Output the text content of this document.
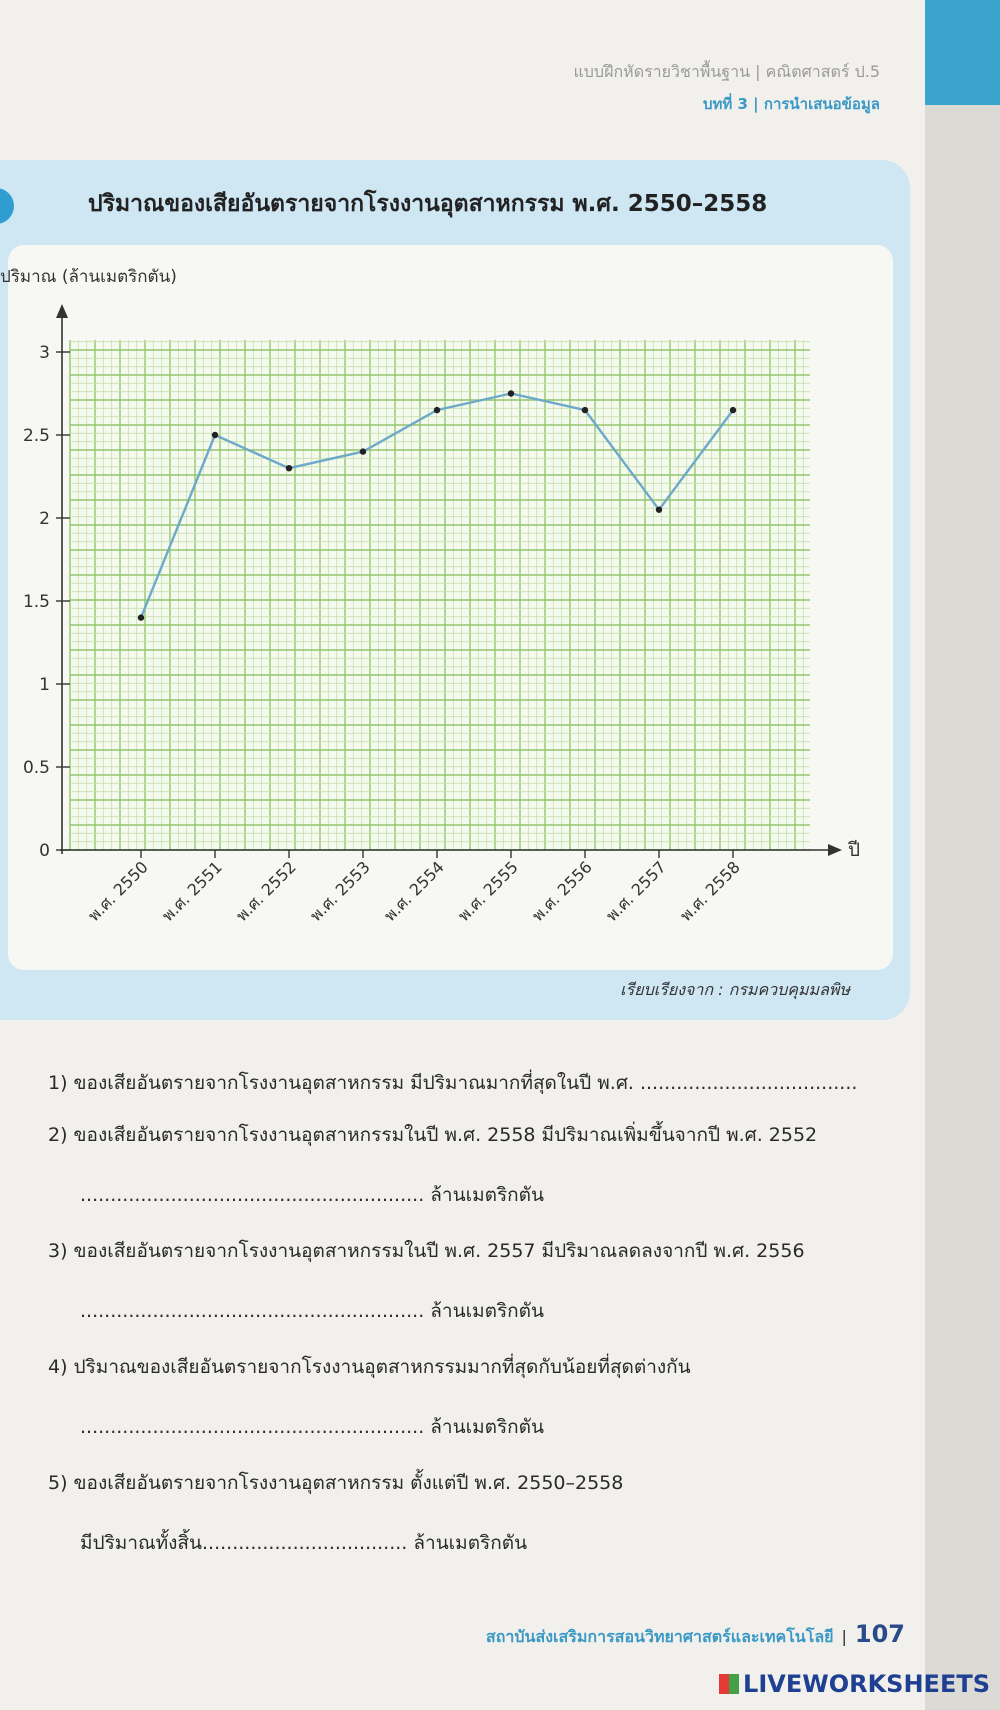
แบบฝึกหัดรายวิชาพื้นฐาน | คณิตศาสตร์ ป.5
บทที่ 3 | การนำเสนอข้อมูล
ปริมาณของเสียอันตรายจากโรงงานอุตสาหกรรม พ.ศ. 2550–2558
0
0.5
1
1.5
2
2.5
3
ปริมาณ (ล้านเมตริกตัน)
ปี
พ.ศ. 2550 พ.ศ. 2551 พ.ศ. 2552 พ.ศ. 2553 พ.ศ. 2554 พ.ศ. 2555 พ.ศ. 2556 พ.ศ. 2557 พ.ศ. 2558
เรียบเรียงจาก : กรมควบคุมมลพิษ
1) ของเสียอันตรายจากโรงงานอุตสาหกรรม มีปริมาณมากที่สุดในปี พ.ศ. ....................................
2) ของเสียอันตรายจากโรงงานอุตสาหกรรมในปี พ.ศ. 2558 มีปริมาณเพิ่มขึ้นจากปี พ.ศ. 2552
......................................................... ล้านเมตริกตัน
3) ของเสียอันตรายจากโรงงานอุตสาหกรรมในปี พ.ศ. 2557 มีปริมาณลดลงจากปี พ.ศ. 2556
......................................................... ล้านเมตริกตัน
4) ปริมาณของเสียอันตรายจากโรงงานอุตสาหกรรมมากที่สุดกับน้อยที่สุดต่างกัน
......................................................... ล้านเมตริกตัน
5) ของเสียอันตรายจากโรงงานอุตสาหกรรม ตั้งแต่ปี พ.ศ. 2550–2558
มีปริมาณทั้งสิ้น.................................. ล้านเมตริกตัน
สถาบันส่งเสริมการสอนวิทยาศาสตร์และเทคโนโลยี | 107
LIVEWORKSHEETS
